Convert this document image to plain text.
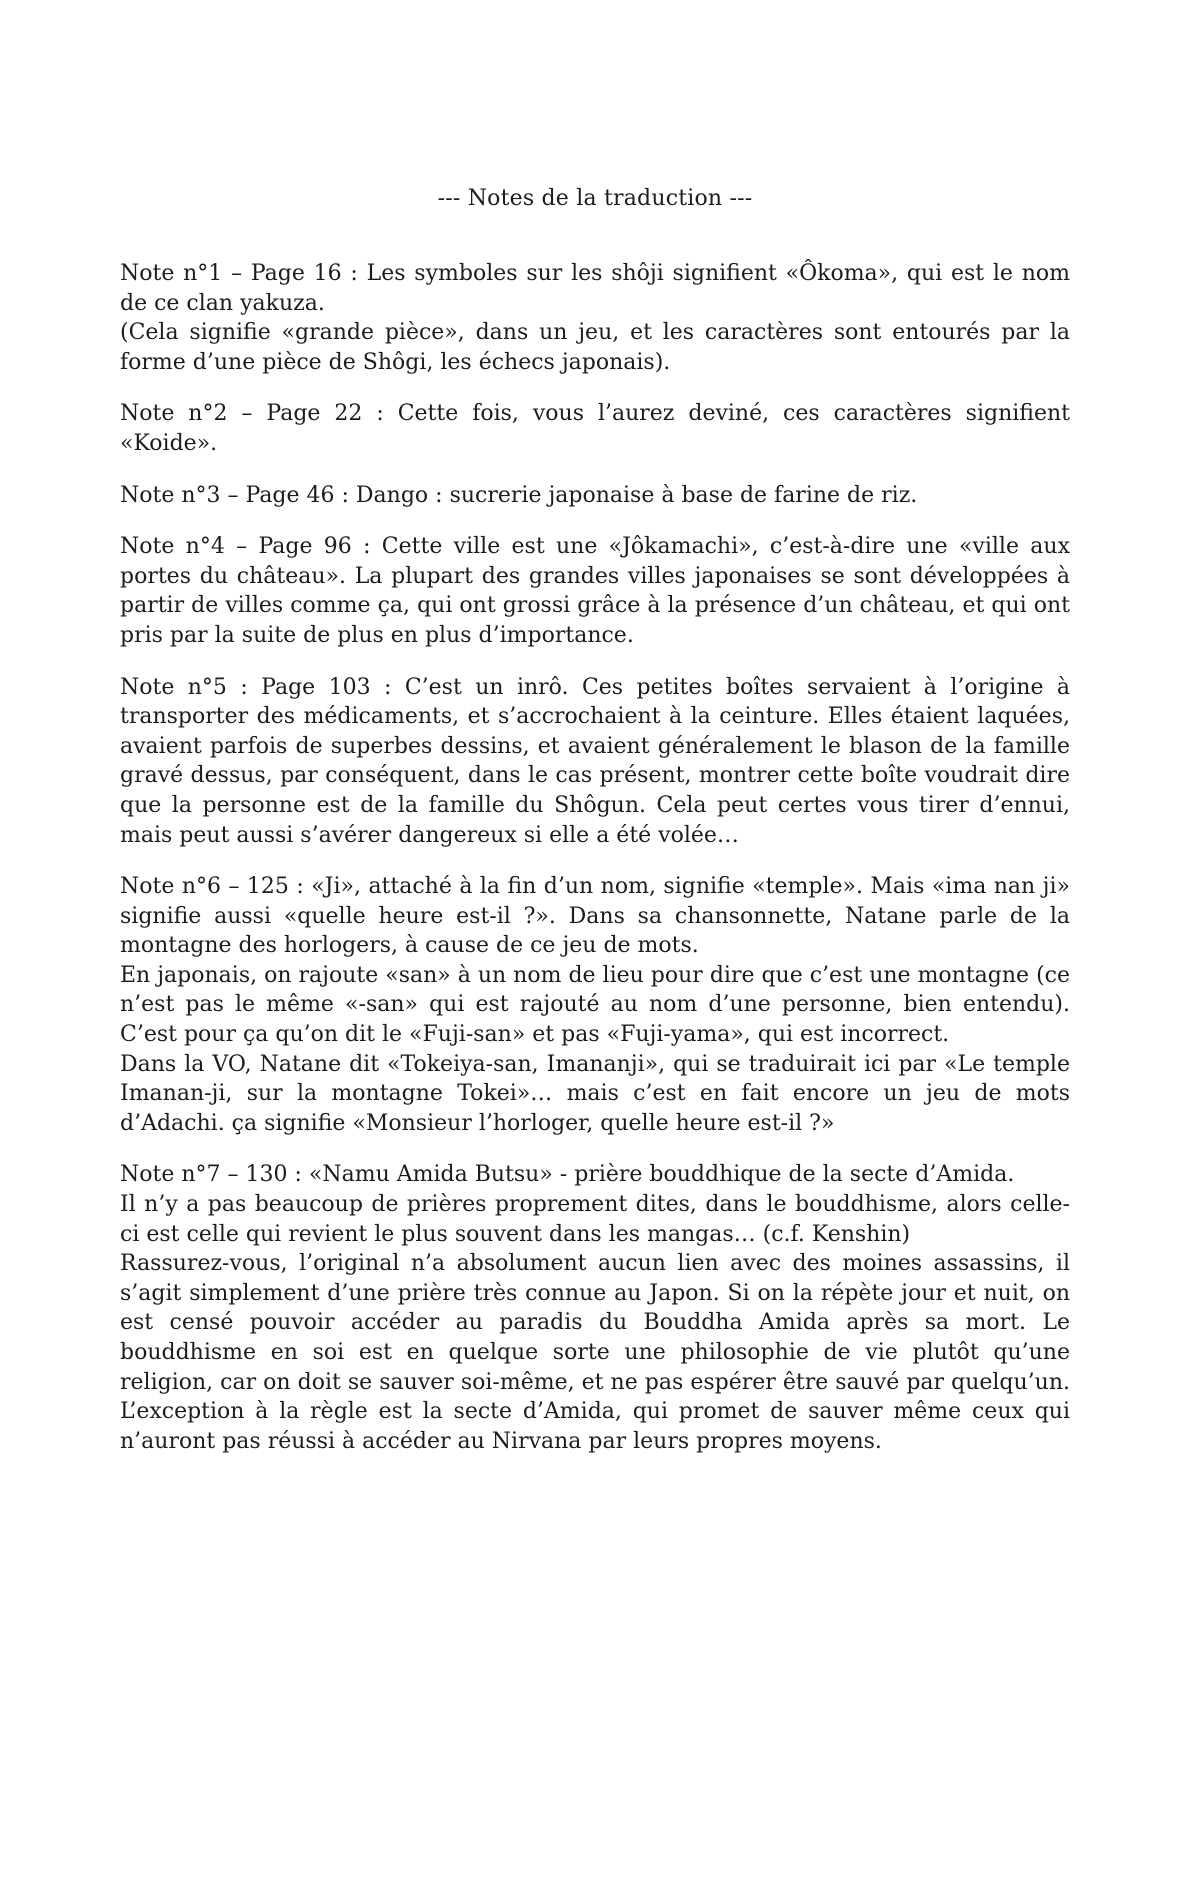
--- Notes de la traduction ---

Note n°1 – Page 16 : Les symboles sur les shôji signifient «Ôkoma», qui est le nom de ce clan yakuza.

(Cela signifie «grande pièce», dans un jeu, et les caractères sont entourés par la forme d’une pièce de Shôgi, les échecs japonais).

Note n°2 – Page 22 : Cette fois, vous l’aurez deviné, ces caractères signifient «Koide».

Note n°3 – Page 46 : Dango : sucrerie japonaise à base de farine de riz.

Note n°4 – Page 96 : Cette ville est une «Jôkamachi», c’est-à-dire une «ville aux portes du château». La plupart des grandes villes japonaises se sont développées à partir de villes comme ça, qui ont grossi grâce à la présence d’un château, et qui ont pris par la suite de plus en plus d’importance.

Note n°5 : Page 103 : C’est un inrô. Ces petites boîtes servaient à l’origine à transporter des médicaments, et s’accrochaient à la ceinture. Elles étaient laquées, avaient parfois de superbes dessins, et avaient généralement le blason de la famille gravé dessus, par conséquent, dans le cas présent, montrer cette boîte voudrait dire que la personne est de la famille du Shôgun. Cela peut certes vous tirer d’ennui, mais peut aussi s’avérer dangereux si elle a été volée…

Note n°6 – 125 : «Ji», attaché à la fin d’un nom, signifie «temple». Mais «ima nan ji» signifie aussi «quelle heure est-il ?». Dans sa chansonnette, Natane parle de la montagne des horlogers, à cause de ce jeu de mots.

En japonais, on rajoute «san» à un nom de lieu pour dire que c’est une montagne (ce n’est pas le même «-san» qui est rajouté au nom d’une personne, bien entendu). C’est pour ça qu’on dit le «Fuji-san» et pas «Fuji-yama», qui est incorrect.

Dans la VO, Natane dit «Tokeiya-san, Imananji», qui se traduirait ici par «Le temple Imanan-ji, sur la montagne Tokei»… mais c’est en fait encore un jeu de mots d’Adachi. ça signifie «Monsieur l’horloger, quelle heure est-il ?»

Note n°7 – 130 : «Namu Amida Butsu» - prière bouddhique de la secte d’Amida.

Il n’y a pas beaucoup de prières proprement dites, dans le bouddhisme, alors celle-ci est celle qui revient le plus souvent dans les mangas… (c.f. Kenshin)

Rassurez-vous, l’original n’a absolument aucun lien avec des moines assassins, il s’agit simplement d’une prière très connue au Japon. Si on la répète jour et nuit, on est censé pouvoir accéder au paradis du Bouddha Amida après sa mort. Le bouddhisme en soi est en quelque sorte une philosophie de vie plutôt qu’une religion, car on doit se sauver soi-même, et ne pas espérer être sauvé par quelqu’un. L’exception à la règle est la secte d’Amida, qui promet de sauver même ceux qui n’auront pas réussi à accéder au Nirvana par leurs propres moyens.
